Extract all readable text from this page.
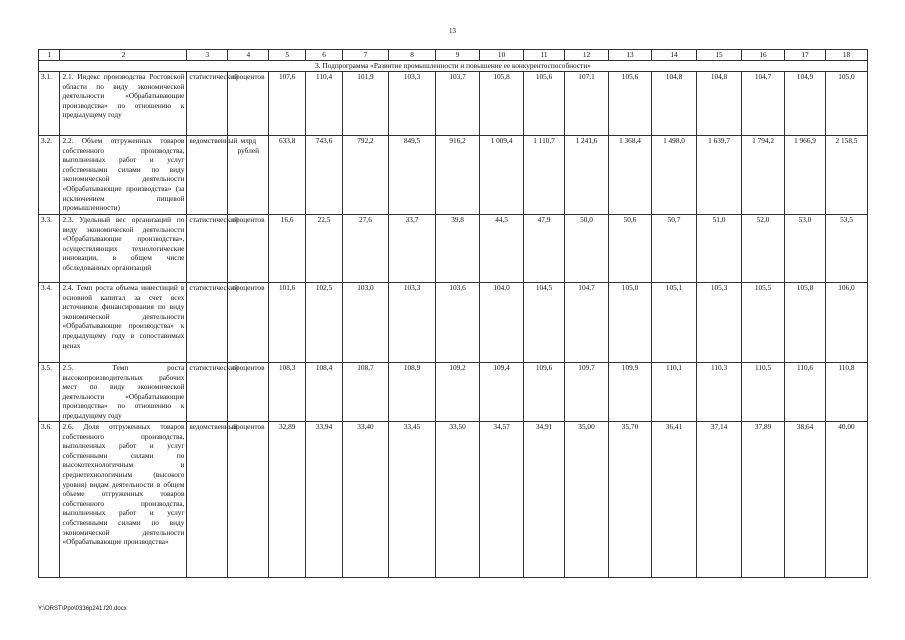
13
1	2	3	4	5	6	7	8	9	10	11	12	13	14	15	16	17	18
3. Подпрограмма «Развитие промышленности и повышение ее конкурентоспособности»																	
3.1.	2.1. Индекс производства Ростовской области по виду экономической деятельности «Обрабатывающие производства» по отношению к предыдущему году	статистический	процентов	107,6	110,4	101,9	103,3	103,7	105,8	105,6	107,1	105,6	104,8	104,8	104,7	104,9	105,0
3.2.	2.2. Объем отгруженных товаров собственного производства, выполненных работ и услуг собственными силами по виду экономической деятельности «Обрабатывающие производства» (за исключением пищевой промышленности)	ведомственный	млрд рублей	633,8	743,6	792,2	849,5	916,2	1 009,4	1 110,7	1 241,6	1 368,4	1 498,0	1 639,7	1 794,2	1 966,9	2 158,5
3.3.	2.3. Удельный вес организаций по виду экономической деятельности «Обрабатывающие производства», осуществляющих технологические инновации, в общем числе обследованных организаций	статистический	процентов	16,6	22,5	27,6	33,7	39,8	44,5	47,9	50,0	50,6	50,7	51,0	52,0	53,0	53,5
3.4.	2.4. Темп роста объема инвестиций в основной капитал за счет всех источников финансирования по виду экономической деятельности «Обрабатывающие производства» к предыдущему году в сопоставимых ценах	статистический	процентов	101,6	102,5	103,0	103,3	103,6	104,0	104,5	104,7	105,0	105,1	105,3	105,5	105,8	106,0
3.5.	2.5. Темп роста высокопроизводительных рабочих мест по виду экономической деятельности «Обрабатывающие производства» по отношению к предыдущему году	статистический	процентов	108,3	108,4	108,7	108,9	109,2	109,4	109,6	109,7	109,9	110,1	110,3	110,5	110,6	110,8
3.6.	2.6. Доля отгруженных товаров собственного производства, выполненных работ и услуг собственными силами по высокотехнологичным и среднетехнологичным (высокого уровня) видам деятельности в общем объеме отгруженных товаров собственного производства, выполненных работ и услуг собственными силами по виду экономической деятельности «Обрабатывающие производства»	ведомственный	процентов	32,89	33,94	33,40	33,45	33,50	34,57	34,91	35,00	35,70	36,41	37,14	37,89	38,64	40,00
Y:\ORST\Ppo\0336p241.f20.docx
